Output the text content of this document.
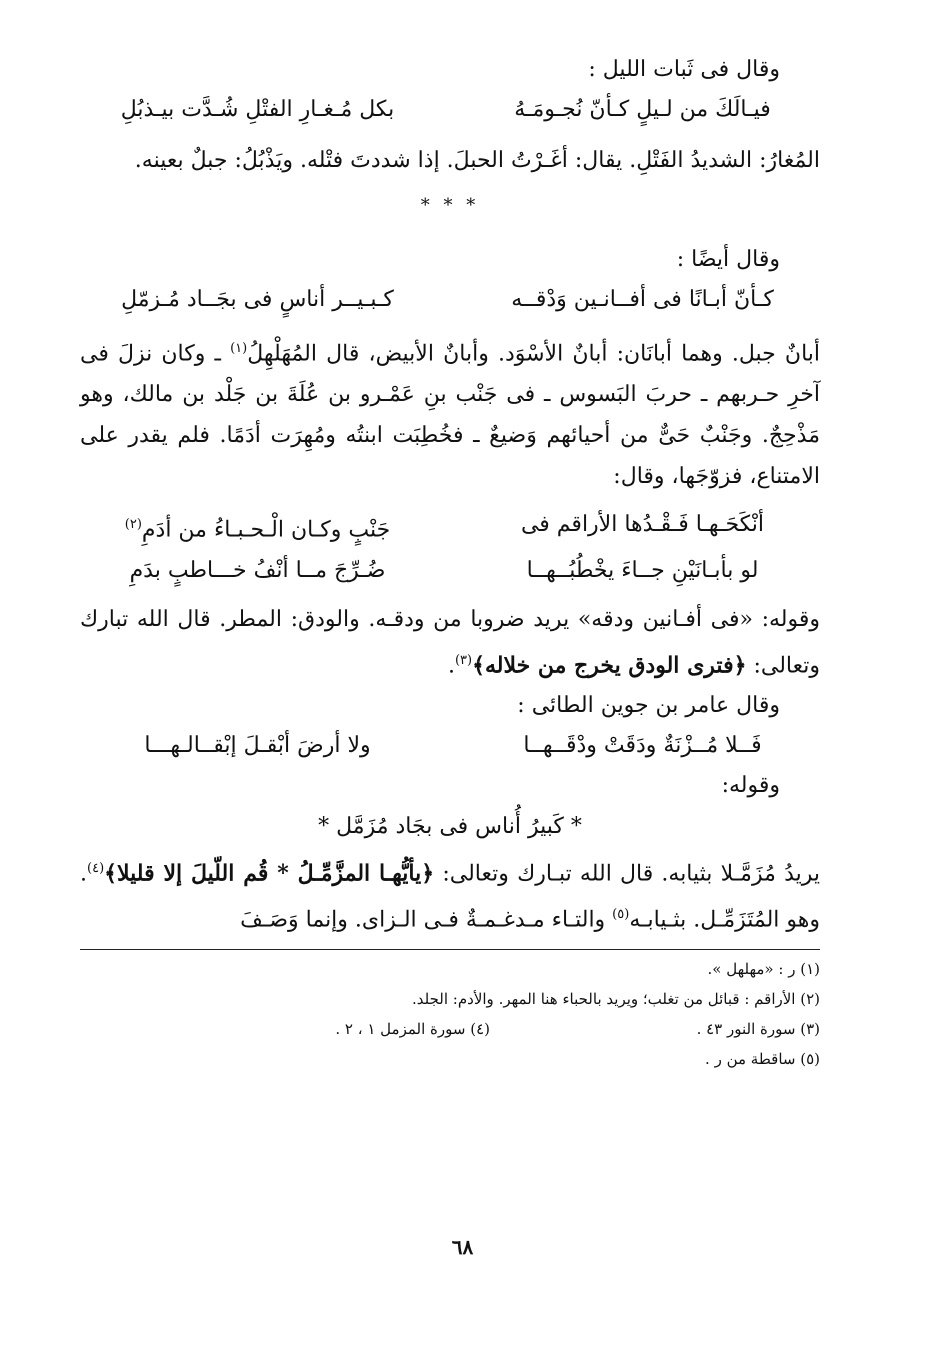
وقال فى ثَبات الليل :

فيـالَكَ من لـيلٍ كـأنّ نُجـومَـهُ
بكل مُـغـارِ الفتْلِ شُـدَّت بيـذبُلِ

المُغارُ: الشديدُ الفَتْلِ. يقال: أغَـرْتُ الحبلَ. إذا شددتَ فتْله. ويَذْبُلُ: جبلٌ بعينه.

* * *

وقال أيضًا :

كـأنّ أبـانًا فى أفــانـين وَدْقــه
كـبـيــر أناسٍ فى بجَــاد مُـزمّلِ

أبانٌ جبل. وهما أبانَان: أبانٌ الأسْوَد. وأبانٌ الأبيض، قال المُهَلْهِلُ$^{(١)}$ ـ وكان نزلَ فى آخرِ حـربهم ـ حربَ البَسوس ـ فى جَنْب بنِ عَمْـرو بن عُلَةَ بن جَلْد بن مالك، وهو مَذْحِجٌ. وجَنْبٌ حَىٌّ من أحيائهم وَضيعٌ ـ فخُطِبَت ابنتُه ومُهِرَت أدَمًا. فلم يقدر على الامتناع، فزوّجَها، وقال:

أنْكَحَـهـا فَـقْـدُها الأراقم فى
جَنْبٍ وكـان الْـحـبـاءُ من أدَمِ$^{(٢)}$
لو بأبـانَيْنِ جــاءَ يخْطُبُــهــا
ضُـرِّجَ مــا أنْفُ خـــاطبٍ بدَمِ

وقوله: «فى أفـانين ودقه» يريد ضروبا من ودقـه. والودق: المطر. قال الله تبارك وتعالى: ﴿فترى الودق يخرج من خلاله﴾$^{(٣)}$.

وقال عامر بن جوين الطائى :

فَــلا مُــزْنَةٌ ودَقَتْ ودْقَــهــا
ولا أرضَ أبْقـلَ إبْقــالـهـــا

وقوله:

* كَبيرُ أُناس فى بجَاد مُزَمَّل *

يريدُ مُزَمَّـلا بثيابه. قال الله تبـارك وتعالى: ﴿يأيُّهـا المزَّمِّـلُ * قُم اللّيلَ إلا قليلا﴾$^{(٤)}$. وهو المُتَزَمِّـل. بثـيابـه$^{(٥)}$ والتـاء مـدغـمـةٌ فـى الـزاى. وإنما وَصَـفَ

(١) ر : «مهلهل ».

(٢) الأراقم : قبائل من تغلب؛ ويريد بالحباء هنا المهر. والأدم: الجلد.

(٣) سورة النور ٤٣ .
(٤) سورة المزمل ١ ، ٢ .

(٥) ساقطة من ر .

٦٨
